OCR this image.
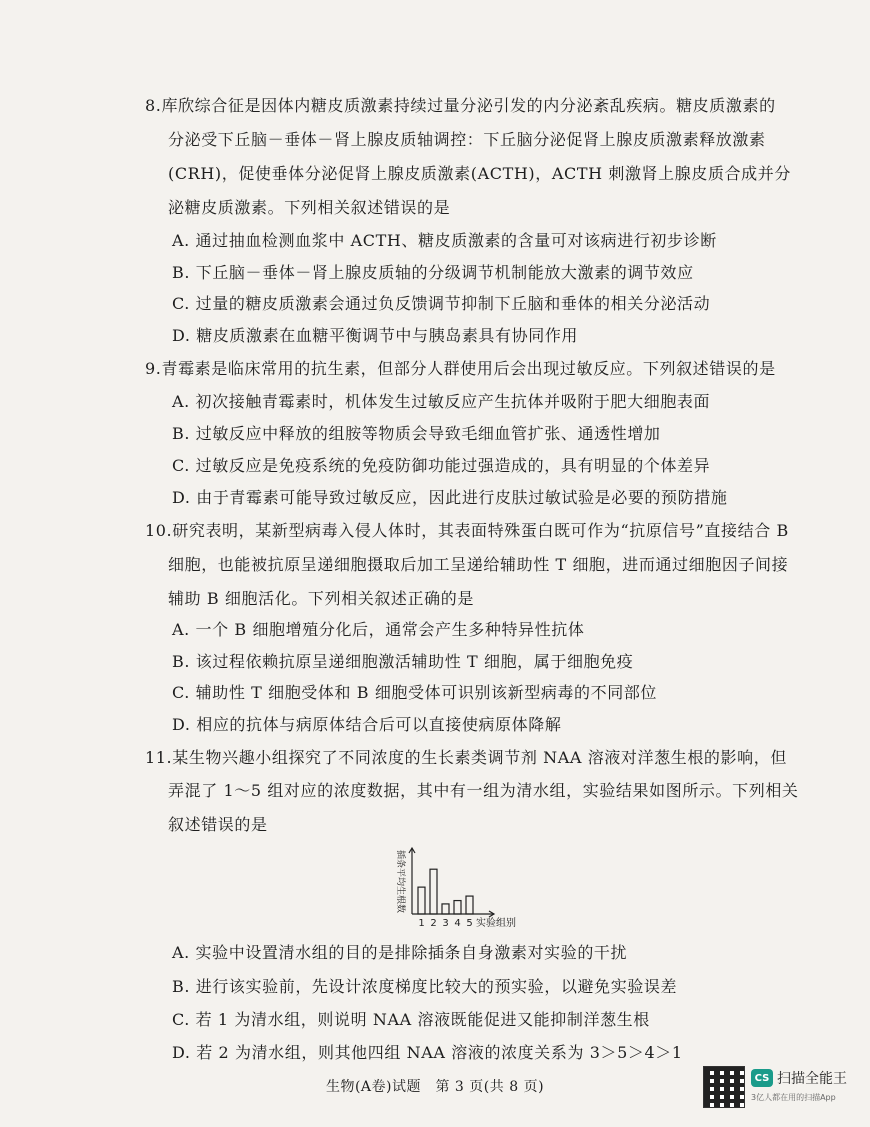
8.库欣综合征是因体内糖皮质激素持续过量分泌引发的内分泌紊乱疾病。糖皮质激素的
分泌受下丘脑－垂体－肾上腺皮质轴调控：下丘脑分泌促肾上腺皮质激素释放激素
(CRH)，促使垂体分泌促肾上腺皮质激素(ACTH)，ACTH 刺激肾上腺皮质合成并分
泌糖皮质激素。下列相关叙述错误的是
A. 通过抽血检测血浆中 ACTH、糖皮质激素的含量可对该病进行初步诊断
B. 下丘脑－垂体－肾上腺皮质轴的分级调节机制能放大激素的调节效应
C. 过量的糖皮质激素会通过负反馈调节抑制下丘脑和垂体的相关分泌活动
D. 糖皮质激素在血糖平衡调节中与胰岛素具有协同作用
9.青霉素是临床常用的抗生素，但部分人群使用后会出现过敏反应。下列叙述错误的是
A. 初次接触青霉素时，机体发生过敏反应产生抗体并吸附于肥大细胞表面
B. 过敏反应中释放的组胺等物质会导致毛细血管扩张、通透性增加
C. 过敏反应是免疫系统的免疫防御功能过强造成的，具有明显的个体差异
D. 由于青霉素可能导致过敏反应，因此进行皮肤过敏试验是必要的预防措施
10.研究表明，某新型病毒入侵人体时，其表面特殊蛋白既可作为“抗原信号”直接结合 B
细胞，也能被抗原呈递细胞摄取后加工呈递给辅助性 T 细胞，进而通过细胞因子间接
辅助 B 细胞活化。下列相关叙述正确的是
A. 一个 B 细胞增殖分化后，通常会产生多种特异性抗体
B. 该过程依赖抗原呈递细胞激活辅助性 T 细胞，属于细胞免疫
C. 辅助性 T 细胞受体和 B 细胞受体可识别该新型病毒的不同部位
D. 相应的抗体与病原体结合后可以直接使病原体降解
11.某生物兴趣小组探究了不同浓度的生长素类调节剂 NAA 溶液对洋葱生根的影响，但
弄混了 1～5 组对应的浓度数据，其中有一组为清水组，实验结果如图所示。下列相关
叙述错误的是
插条平均生根数
1 2 3 4 5 实验组别
A. 实验中设置清水组的目的是排除插条自身激素对实验的干扰
B. 进行该实验前，先设计浓度梯度比较大的预实验，以避免实验误差
C. 若 1 为清水组，则说明 NAA 溶液既能促进又能抑制洋葱生根
D. 若 2 为清水组，则其他四组 NAA 溶液的浓度关系为 3＞5＞4＞1
生物(A卷)试题　第 3 页(共 8 页)
CS 扫描全能王
3亿人都在用的扫描App
